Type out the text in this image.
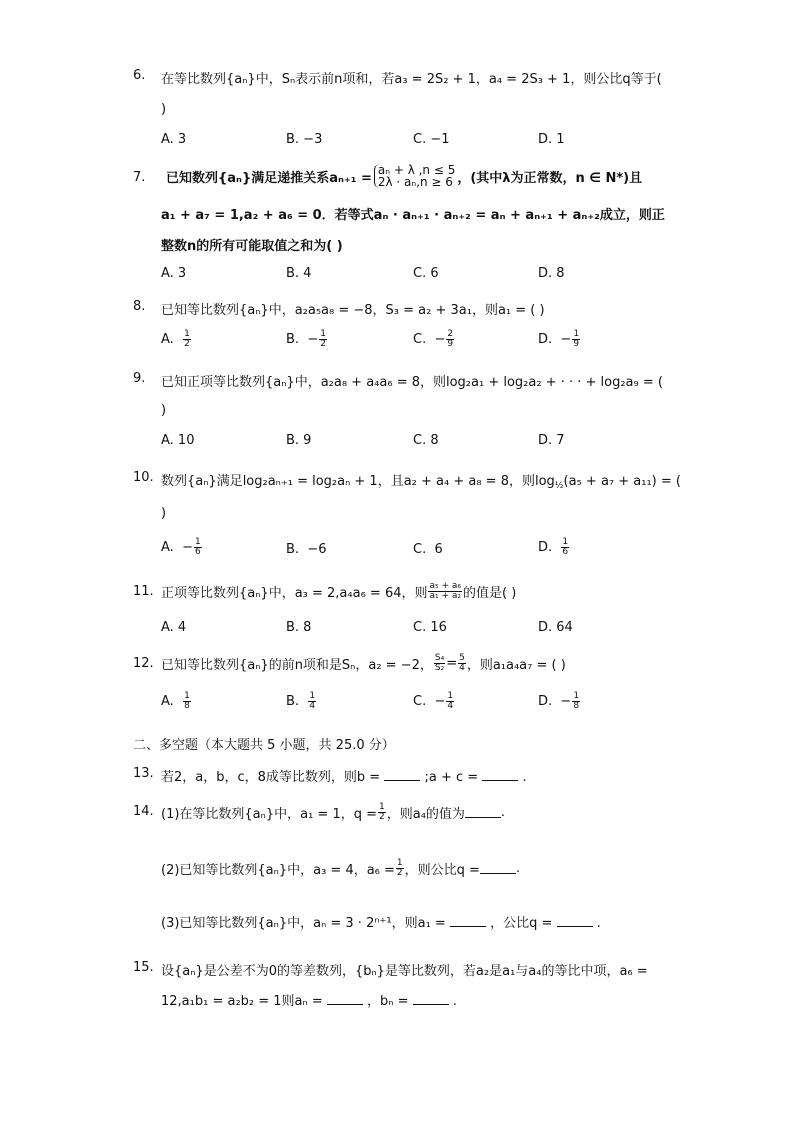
6.	在等比数列{aₙ}中，Sₙ表示前n项和，若a₃ = 2S₂ + 1，a₄ = 2S₃ + 1，则公比q等于(
)
A. 3	B. −3	C. −1	D. 1
7.	已知数列{aₙ}满足递推关系aₙ₊₁ =
aₙ + λ ,n ≤ 5
2λ · aₙ,n ≥ 6 ，(其中λ为正常数，n ∈ N*)且
a₁ + a₇ = 1,a₂ + a₆ = 0．若等式aₙ · aₙ₊₁ · aₙ₊₂ = aₙ + aₙ₊₁ + aₙ₊₂成立，则正
整数n的所有可能取值之和为( )
A. 3	B. 4	C. 6	D. 8
8.	已知等比数列{aₙ}中，a₂a₅a₈ = −8，S₃ = a₂ + 3a₁，则a₁ = ( )
A. $\frac{1}{2}$	B. − $\frac{1}{2}$	C. − $\frac{2}{9}$	D. − $\frac{1}{9}$
9.	已知正项等比数列{aₙ}中，a₂a₈ + a₄a₆ = 8，则log₂a₁ + log₂a₂ + · · · + log₂a₉ = (
)
A. 10	B. 9	C. 8	D. 7
10. 数列{aₙ}满足log₂aₙ₊₁ = log₂aₙ + 1，且a₂ + a₄ + a₈ = 8，则$\log_{\frac{1}{2}}(a_5 + a_7 + a_{11})$ = (
)
A. − $\frac{1}{6}$	B. −6	C. 6	D. $\frac{1}{6}$
11. 正项等比数列{aₙ}中，a₃ = 2,a₄a₆ = 64，则 $\frac{\text{a₅ + a₆}}{\text{a₁ + a₂}}$ 的值是( )
A. 4	B. 8	C. 16	D. 64
12. 已知等比数列{aₙ}的前n项和是Sₙ，a₂ = −2， $\frac{\text{S₄}}{\text{S₂}} = \frac{5}{4}$ ，则a₁a₄a₇ = ( )
A. $\frac{1}{8}$	B. $\frac{1}{4}$	C. − $\frac{1}{4}$	D. − $\frac{1}{8}$
二、多空题（本大题共 5 小题，共 25.0 分）
13. 若2，a，b，c，8成等比数列，则b =	;a + c =	.
14. (1)在等比数列{aₙ}中，a₁ = 1，$q = \frac{1}{2}$ ，则a₄的值为	.
(2)已知等比数列{aₙ}中，a₃ = 4，$a_6 = \frac{1}{2}$ ，则公比q =	.
(3)已知等比数列{aₙ}中，aₙ = 3 · 2ⁿ⁺¹，则a₁ =	，公比q =	.
15. 设{aₙ}是公差不为0的等差数列，{bₙ}是等比数列，若a₂是a₁与a₄的等比中项，a₆ =
12,a₁b₁ = a₂b₂ = 1则aₙ =	，bₙ =	.
